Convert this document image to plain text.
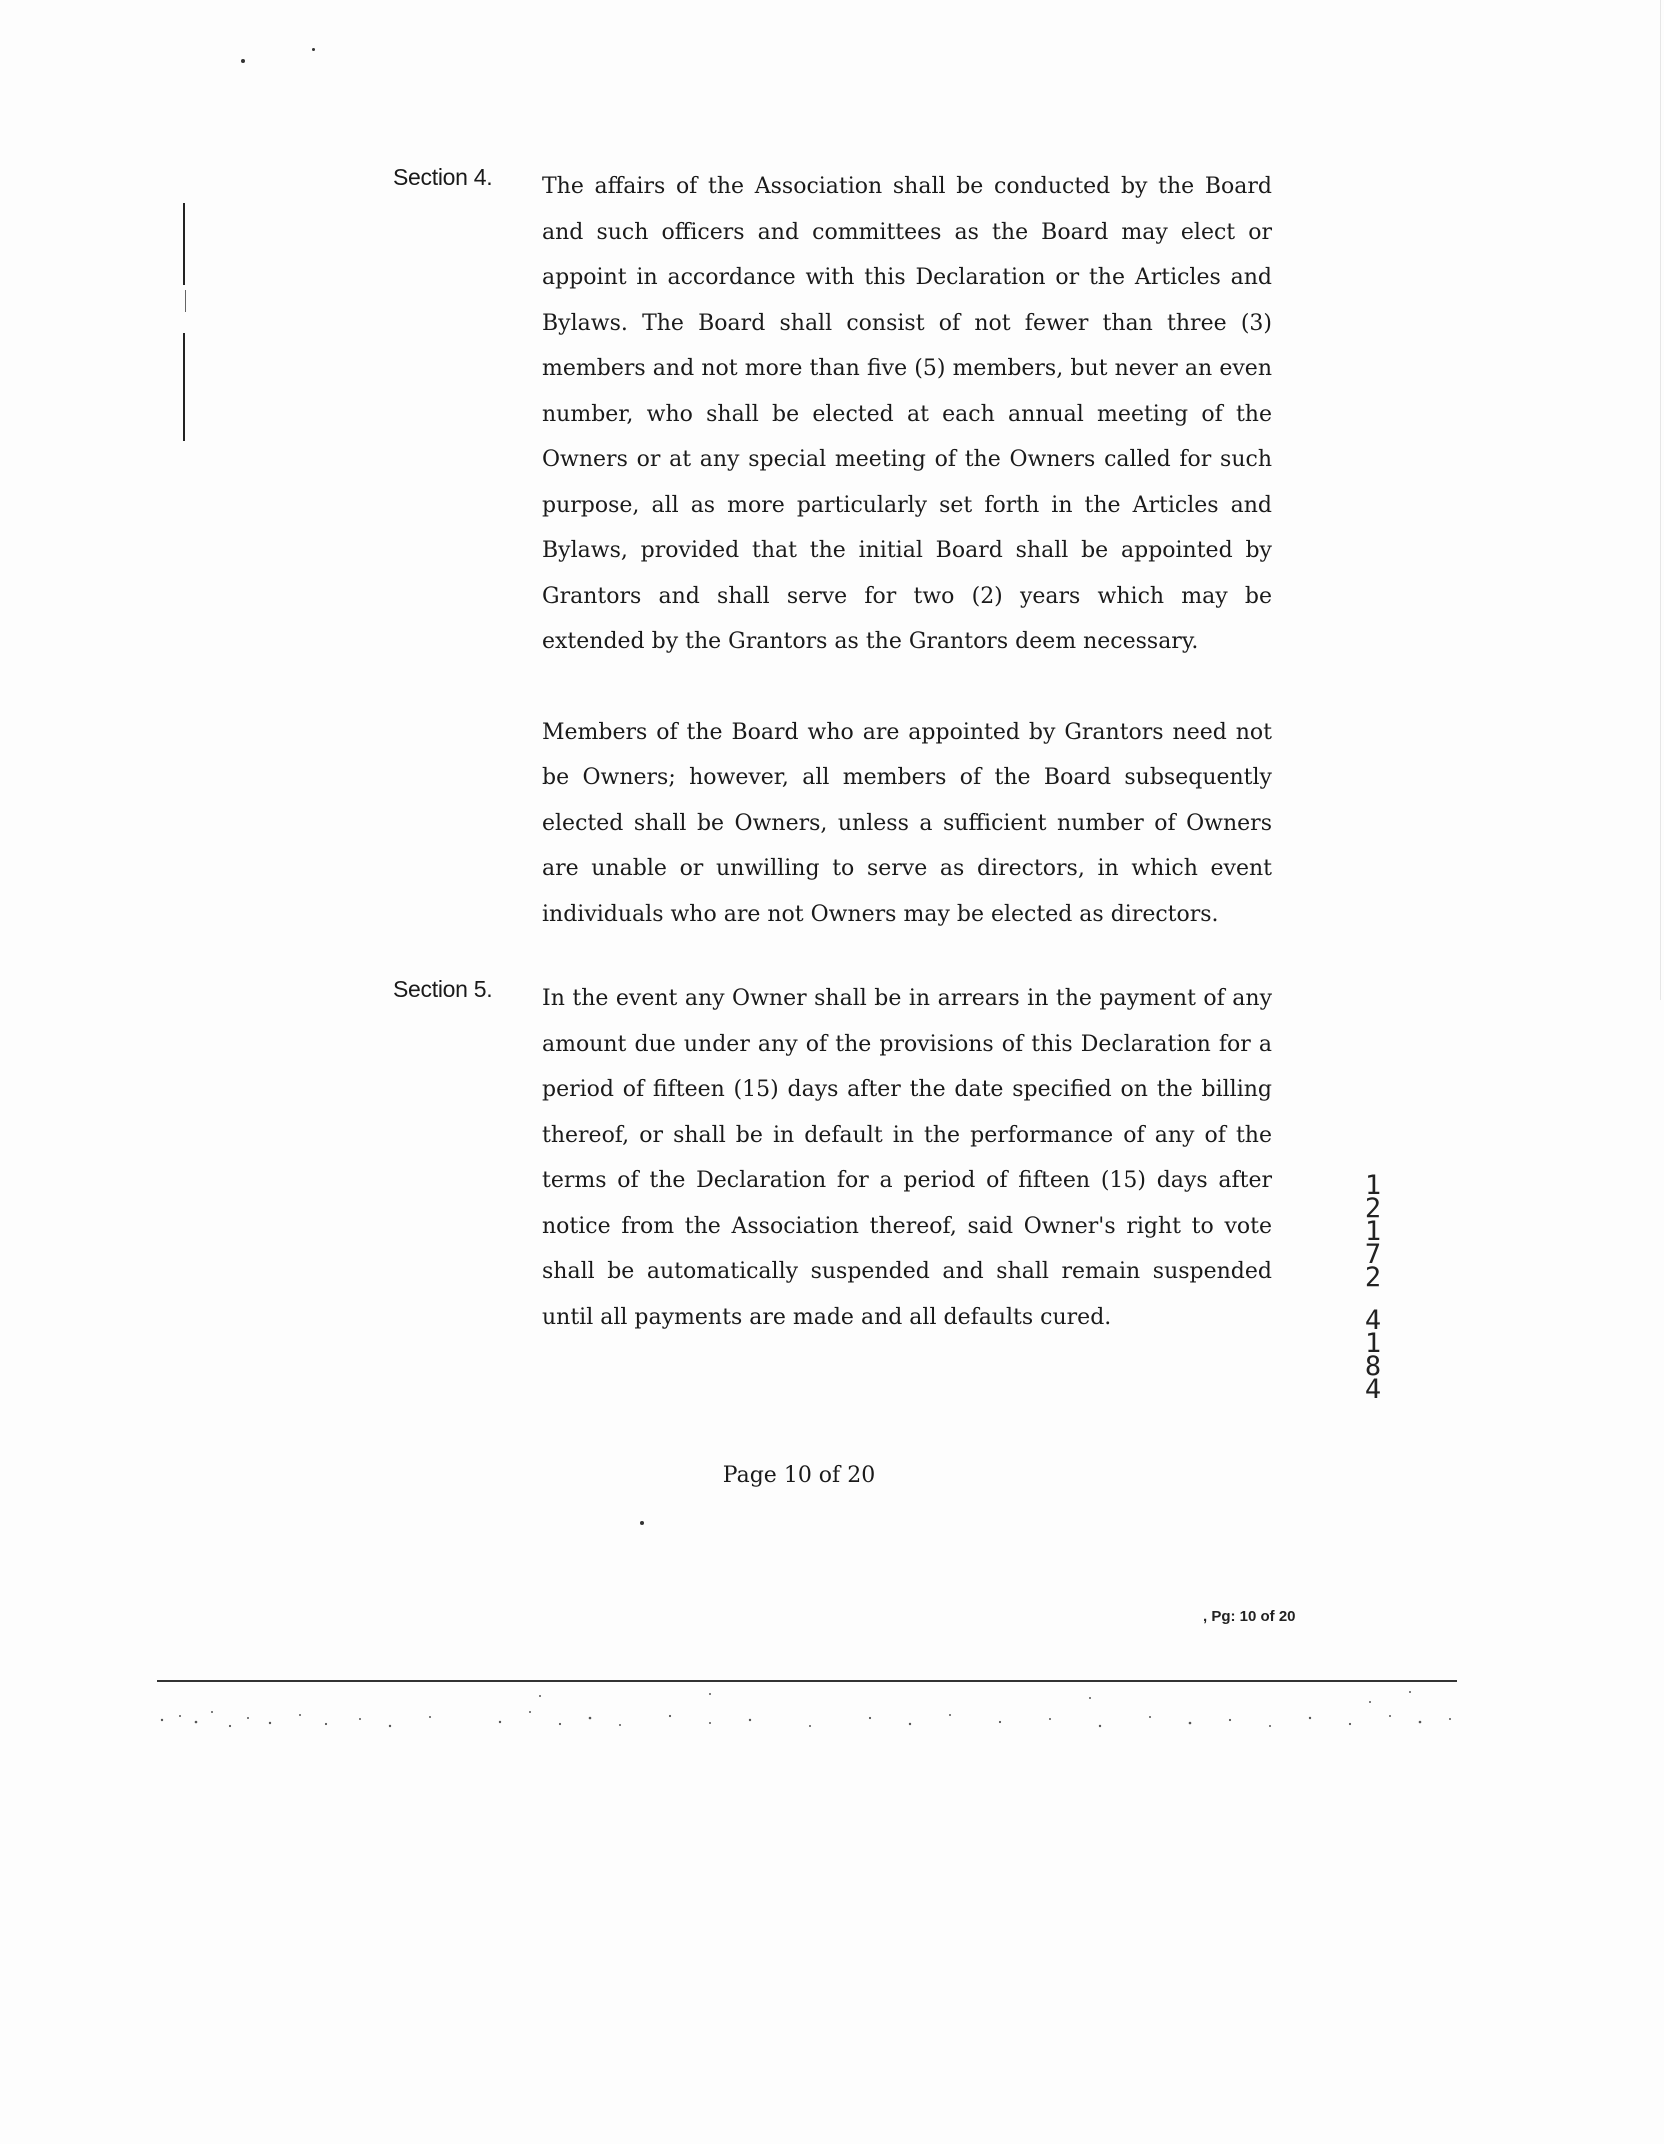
Section 4. The affairs of the Association shall be conducted by the Board and such officers and committees as the Board may elect or appoint in accordance with this Declaration or the Articles and Bylaws. The Board shall consist of not fewer than three (3) members and not more than five (5) members, but never an even number, who shall be elected at each annual meeting of the Owners or at any special meeting of the Owners called for such purpose, all as more particularly set forth in the Articles and Bylaws, provided that the initial Board shall be appointed by Grantors and shall serve for two (2) years which may be extended by the Grantors as the Grantors deem necessary.

Members of the Board who are appointed by Grantors need not be Owners; however, all members of the Board subsequently elected shall be Owners, unless a sufficient number of Owners are unable or unwilling to serve as directors, in which event individuals who are not Owners may be elected as directors.

Section 5. In the event any Owner shall be in arrears in the payment of any amount due under any of the provisions of this Declaration for a period of fifteen (15) days after the date specified on the billing thereof, or shall be in default in the performance of any of the terms of the Declaration for a period of fifteen (15) days after notice from the Association thereof, said Owner's right to vote shall be automatically suspended and shall remain suspended until all payments are made and all defaults cured.

1
2
1
7
2
4
1
8
4
Page 10 of 20
, Pg: 10 of 20
